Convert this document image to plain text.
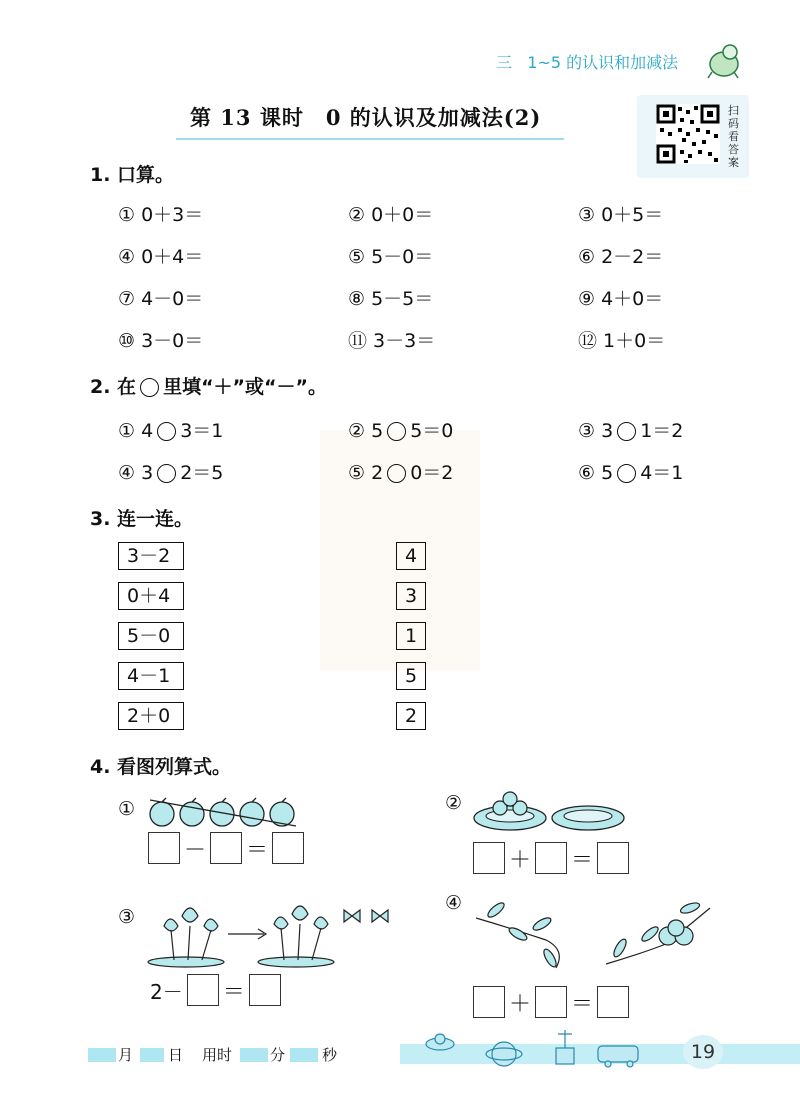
三 1~5 的认识和加减法
第 13 课时　0 的认识及加减法(2)	扫码看答案
1. 口算。
① 0＋3＝	② 0＋0＝	③ 0＋5＝
④ 0＋4＝	⑤ 5－0＝	⑥ 2－2＝
⑦ 4－0＝	⑧ 5－5＝	⑨ 4＋0＝
⑩ 3－0＝	⑪ 3－3＝	⑫ 1＋0＝
2. 在 里填“＋”或“－”。
① 4 3＝1	② 5 5＝0	③ 3 1＝2
④ 3 2＝5	⑤ 2 0＝2	⑥ 5 4＝1
3. 连一连。
3－2
0＋4
5－0
4－1
2＋0
4
3
1
5
2
4. 看图列算式。
①
－ ＝
②
＋ ＝
③
2－ ＝
④
＋ ＝
月 日 用时	分 秒	19
